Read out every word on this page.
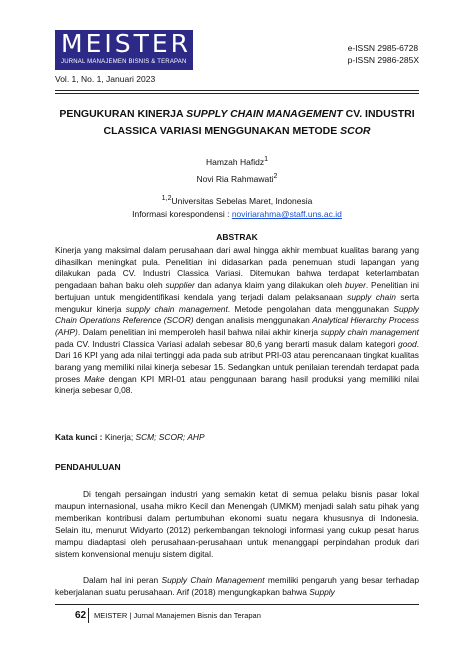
MEISTER
JURNAL MANAJEMEN BISNIS & TERAPAN
e-ISSN 2985-6728
p-ISSN 2986-285X
Vol. 1, No. 1, Januari 2023
PENGUKURAN KINERJA SUPPLY CHAIN MANAGEMENT CV. INDUSTRI CLASSICA VARIASI MENGGUNAKAN METODE SCOR
Hamzah Hafidz$^1$
Novi Ria Rahmawati$^2$
$^{1,2}$Universitas Sebelas Maret, Indonesia
Informasi korespondensi : noviriarahma@staff.uns.ac.id
ABSTRAK
Kinerja yang maksimal dalam perusahaan dari awal hingga akhir membuat kualitas barang yang dihasilkan meningkat pula. Penelitian ini didasarkan pada penemuan studi lapangan yang dilakukan pada CV. Industri Classica Variasi. Ditemukan bahwa terdapat keterlambatan pengadaan bahan baku oleh supplier dan adanya klaim yang dilakukan oleh buyer. Penelitian ini bertujuan untuk mengidentifikasi kendala yang terjadi dalam pelaksanaan supply chain serta mengukur kinerja supply chain management. Metode pengolahan data menggunakan Supply Chain Operations Reference (SCOR) dengan analisis menggunakan Analytical Hierarchy Process (AHP). Dalam penelitian ini memperoleh hasil bahwa nilai akhir kinerja supply chain management pada CV. Industri Classica Variasi adalah sebesar 80,6 yang berarti masuk dalam kategori good. Dari 16 KPI yang ada nilai tertinggi ada pada sub atribut PRI-03 atau perencanaan tingkat kualitas barang yang memiliki nilai kinerja sebesar 15. Sedangkan untuk penilaian terendah terdapat pada proses Make dengan KPI MRI-01 atau penggunaan barang hasil produksi yang memiliki nilai kinerja sebesar 0,08.
Kata kunci : Kinerja; SCM; SCOR; AHP
PENDAHULUAN
Di tengah persaingan industri yang semakin ketat di semua pelaku bisnis pasar lokal maupun internasional, usaha mikro Kecil dan Menengah (UMKM) menjadi salah satu pihak yang memberikan kontribusi dalam pertumbuhan ekonomi suatu negara khususnya di Indonesia. Selain itu, menurut Widyarto (2012) perkembangan teknologi informasi yang cukup pesat harus mampu diadaptasi oleh perusahaan-perusahaan untuk menanggapi perpindahan produk dari sistem konvensional menuju sistem digital.
Dalam hal ini peran Supply Chain Management memiliki pengaruh yang besar terhadap keberjalanan suatu perusahaan. Arif (2018) mengungkapkan bahwa Supply
62 MEISTER | Jurnal Manajemen Bisnis dan Terapan
